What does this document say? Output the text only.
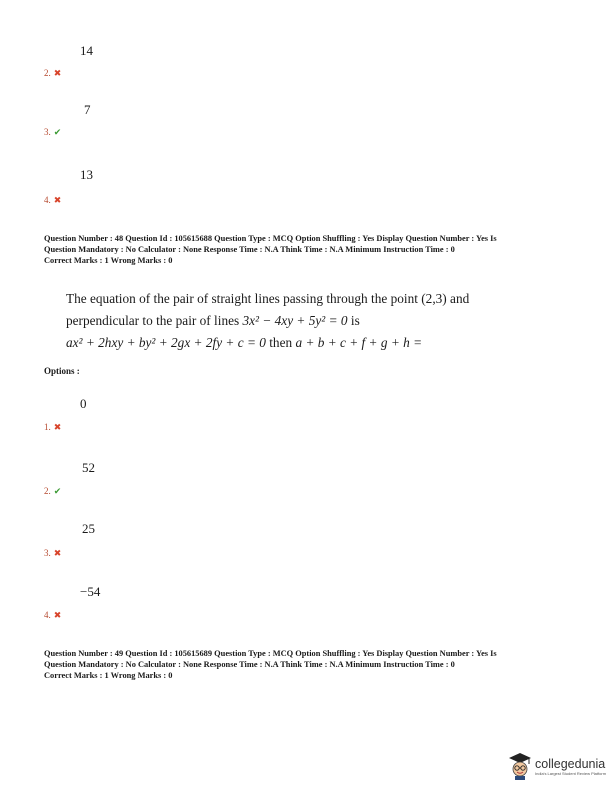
14
2. ✖
7
3. ✔
13
4. ✖
Question Number : 48 Question Id : 105615688 Question Type : MCQ Option Shuffling : Yes Display Question Number : Yes Is
Question Mandatory : No Calculator : None Response Time : N.A Think Time : N.A Minimum Instruction Time : 0
Correct Marks : 1 Wrong Marks : 0
The equation of the pair of straight lines passing through the point (2,3) and
perpendicular to the pair of lines 3x² − 4xy + 5y² = 0 is
ax² + 2hxy + by² + 2gx + 2fy + c = 0 then a + b + c + f + g + h =
Options :
0
1. ✖
52
2. ✔
25
3. ✖
−54
4. ✖
Question Number : 49 Question Id : 105615689 Question Type : MCQ Option Shuffling : Yes Display Question Number : Yes Is
Question Mandatory : No Calculator : None Response Time : N.A Think Time : N.A Minimum Instruction Time : 0
Correct Marks : 1 Wrong Marks : 0
collegedunia
India's Largest Student Review Platform
